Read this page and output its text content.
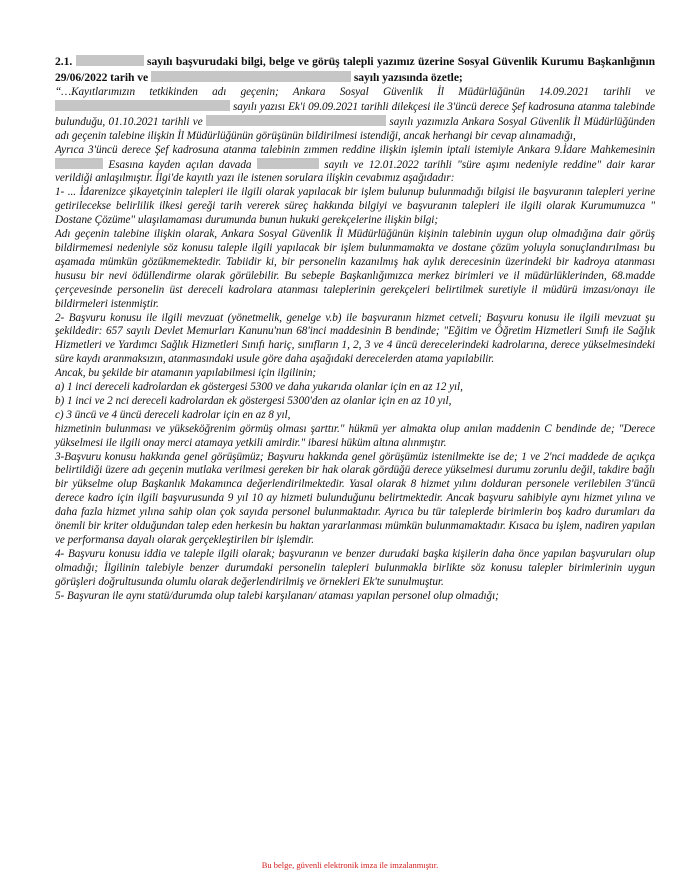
2.1.	sayılı başvurudaki bilgi, belge ve görüş talepli yazımız üzerine Sosyal Güvenlik Kurumu Başkanlığının 29/06/2022 tarih ve	sayılı yazısında özetle;

“…Kayıtlarımızın tetkikinden adı geçenin; Ankara Sosyal Güvenlik İl Müdürlüğünün 14.09.2021 tarihli ve  sayılı yazısı Ek'i 09.09.2021 tarihli dilekçesi ile 3'üncü derece Şef kadrosuna atanma talebinde bulunduğu, 01.10.2021 tarihli ve	sayılı yazımızla Ankara Sosyal Güvenlik İl Müdürlüğünden adı geçenin talebine ilişkin İl Müdürlüğünün görüşünün bildirilmesi istendiği, ancak herhangi bir cevap alınamadığı,

Ayrıca 3'üncü derece Şef kadrosuna atanma talebinin zımmen reddine ilişkin işlemin iptali istemiyle Ankara 9.İdare Mahkemesinin  Esasına kayden açılan davada	sayılı ve 12.01.2022 tarihli "süre aşımı nedeniyle reddine" dair karar verildiği anlaşılmıştır. İlgi'de kayıtlı yazı ile istenen sorulara ilişkin cevabımız aşağıdadır:

1- ... İdarenizce şikayetçinin talepleri ile ilgili olarak yapılacak bir işlem bulunup bulunmadığı bilgisi ile başvuranın talepleri yerine getirilecekse belirlilik ilkesi gereği tarih vererek süreç hakkında bilgiyi ve başvuranın talepleri ile ilgili olarak Kurumumuzca " Dostane Çözüme" ulaşılamaması durumunda bunun hukuki gerekçelerine ilişkin bilgi;

Adı geçenin talebine ilişkin olarak, Ankara Sosyal Güvenlik İl Müdürlüğünün kişinin talebinin uygun olup olmadığına dair görüş bildirmemesi nedeniyle söz konusu taleple ilgili yapılacak bir işlem bulunmamakta ve dostane çözüm yoluyla sonuçlandırılması bu aşamada mümkün gözükmemektedir. Tabiidir ki, bir personelin kazanılmış hak aylık derecesinin üzerindeki bir kadroya atanması hususu bir nevi ödüllendirme olarak görülebilir. Bu sebeple Başkanlığımızca merkez birimleri ve il müdürlüklerinden, 68.madde çerçevesinde personelin üst dereceli kadrolara atanması taleplerinin gerekçeleri belirtilmek suretiyle il müdürü imzası/onayı ile bildirmeleri istenmiştir.

2- Başvuru konusu ile ilgili mevzuat (yönetmelik, genelge v.b) ile başvuranın hizmet cetveli; Başvuru konusu ile ilgili mevzuat şu şekildedir: 657 sayılı Devlet Memurları Kanunu'nun 68'inci maddesinin B bendinde; "Eğitim ve Öğretim Hizmetleri Sınıfı ile Sağlık Hizmetleri ve Yardımcı Sağlık Hizmetleri Sınıfı hariç, sınıfların 1, 2, 3 ve 4 üncü derecelerindeki kadrolarına, derece yükselmesindeki süre kaydı aranmaksızın, atanmasındaki usule göre daha aşağıdaki derecelerden atama yapılabilir.

Ancak, bu şekilde bir atamanın yapılabilmesi için ilgilinin;

a) 1 inci dereceli kadrolardan ek göstergesi 5300 ve daha yukarıda olanlar için en az 12 yıl,

b) 1 inci ve 2 nci dereceli kadrolardan ek göstergesi 5300'den az olanlar için en az 10 yıl,

c) 3 üncü ve 4 üncü dereceli kadrolar için en az 8 yıl,

hizmetinin bulunması ve yükseköğrenim görmüş olması şarttır." hükmü yer almakta olup anılan maddenin C bendinde de; "Derece yükselmesi ile ilgili onay merci atamaya yetkili amirdir." ibaresi hüküm altına alınmıştır.

3-Başvuru konusu hakkında genel görüşümüz; Başvuru hakkında genel görüşümüz istenilmekte ise de; 1 ve 2'nci maddede de açıkça belirtildiği üzere adı geçenin mutlaka verilmesi gereken bir hak olarak gördüğü derece yükselmesi durumu zorunlu değil, takdire bağlı bir yükselme olup Başkanlık Makamınca değerlendirilmektedir. Yasal olarak 8 hizmet yılını dolduran personele verilebilen 3'üncü derece kadro için ilgili başvurusunda 9 yıl 10 ay hizmeti bulunduğunu belirtmektedir. Ancak başvuru sahibiyle aynı hizmet yılına ve daha fazla hizmet yılına sahip olan çok sayıda personel bulunmaktadır. Ayrıca bu tür taleplerde birimlerin boş kadro durumları da önemli bir kriter olduğundan talep eden herkesin bu haktan yararlanması mümkün bulunmamaktadır. Kısaca bu işlem, nadiren yapılan ve performansa dayalı olarak gerçekleştirilen bir işlemdir.

4- Başvuru konusu iddia ve taleple ilgili olarak; başvuranın ve benzer durudaki başka kişilerin daha önce yapılan başvuruları olup olmadığı; İlgilinin talebiyle benzer durumdaki personelin talepleri bulunmakla birlikte söz konusu talepler birimlerinin uygun görüşleri doğrultusunda olumlu olarak değerlendirilmiş ve örnekleri Ek'te sunulmuştur.

5- Başvuran ile aynı statü/durumda olup talebi karşılanan/ ataması yapılan personel olup olmadığı;

Bu belge, güvenli elektronik imza ile imzalanmıştır.
